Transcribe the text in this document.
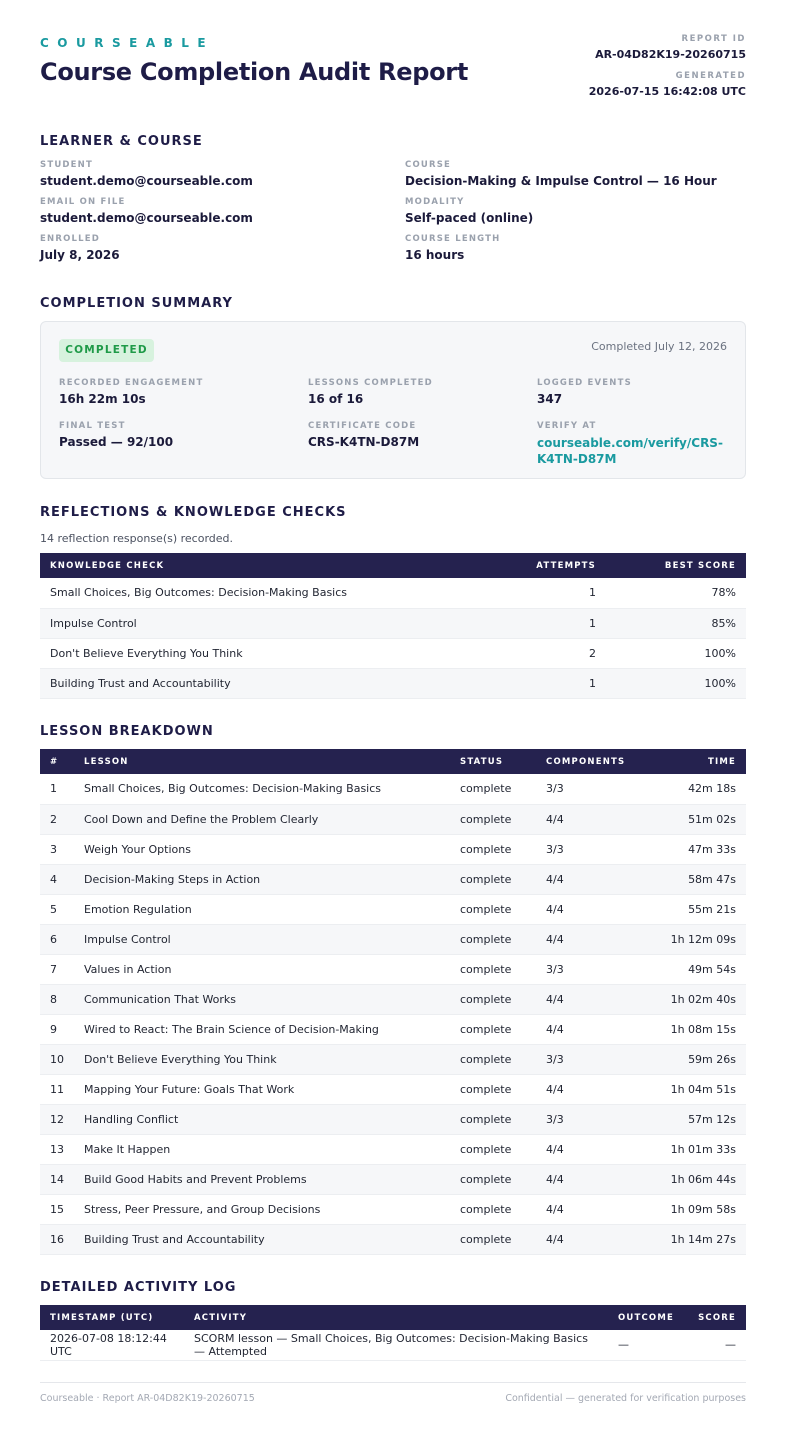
COURSEABLE
Course Completion Audit Report
REPORT ID
AR-04D82K19-20260715
GENERATED
2026-07-15 16:42:08 UTC
LEARNER & COURSE
STUDENT
student.demo@courseable.com
EMAIL ON FILE
student.demo@courseable.com
ENROLLED
July 8, 2026
COURSE
Decision-Making & Impulse Control — 16 Hour
MODALITY
Self-paced (online)
COURSE LENGTH
16 hours
COMPLETION SUMMARY
COMPLETED	Completed July 12, 2026
RECORDED ENGAGEMENT
16h 22m 10s
LESSONS COMPLETED
16 of 16
LOGGED EVENTS
347
FINAL TEST
Passed — 92/100
CERTIFICATE CODE
CRS-K4TN-D87M
VERIFY AT
courseable.com/verify/CRS-K4TN-D87M
REFLECTIONS & KNOWLEDGE CHECKS
14 reflection response(s) recorded.
KNOWLEDGE CHECK	ATTEMPTS	BEST SCORE
Small Choices, Big Outcomes: Decision-Making Basics	1	78%
Impulse Control	1	85%
Don't Believe Everything You Think	2	100%
Building Trust and Accountability	1	100%
LESSON BREAKDOWN
#	LESSON	STATUS	COMPONENTS	TIME
1	Small Choices, Big Outcomes: Decision-Making Basics	complete	3/3	42m 18s
2	Cool Down and Define the Problem Clearly	complete	4/4	51m 02s
3	Weigh Your Options	complete	3/3	47m 33s
4	Decision-Making Steps in Action	complete	4/4	58m 47s
5	Emotion Regulation	complete	4/4	55m 21s
6	Impulse Control	complete	4/4	1h 12m 09s
7	Values in Action	complete	3/3	49m 54s
8	Communication That Works	complete	4/4	1h 02m 40s
9	Wired to React: The Brain Science of Decision-Making	complete	4/4	1h 08m 15s
10	Don't Believe Everything You Think	complete	3/3	59m 26s
11	Mapping Your Future: Goals That Work	complete	4/4	1h 04m 51s
12	Handling Conflict	complete	3/3	57m 12s
13	Make It Happen	complete	4/4	1h 01m 33s
14	Build Good Habits and Prevent Problems	complete	4/4	1h 06m 44s
15	Stress, Peer Pressure, and Group Decisions	complete	4/4	1h 09m 58s
16	Building Trust and Accountability	complete	4/4	1h 14m 27s
DETAILED ACTIVITY LOG
TIMESTAMP (UTC)	ACTIVITY	OUTCOME	SCORE
2026-07-08 18:12:44 UTC	SCORM lesson — Small Choices, Big Outcomes: Decision-Making Basics — Attempted	—	—
Courseable · Report AR-04D82K19-20260715	Confidential — generated for verification purposes
